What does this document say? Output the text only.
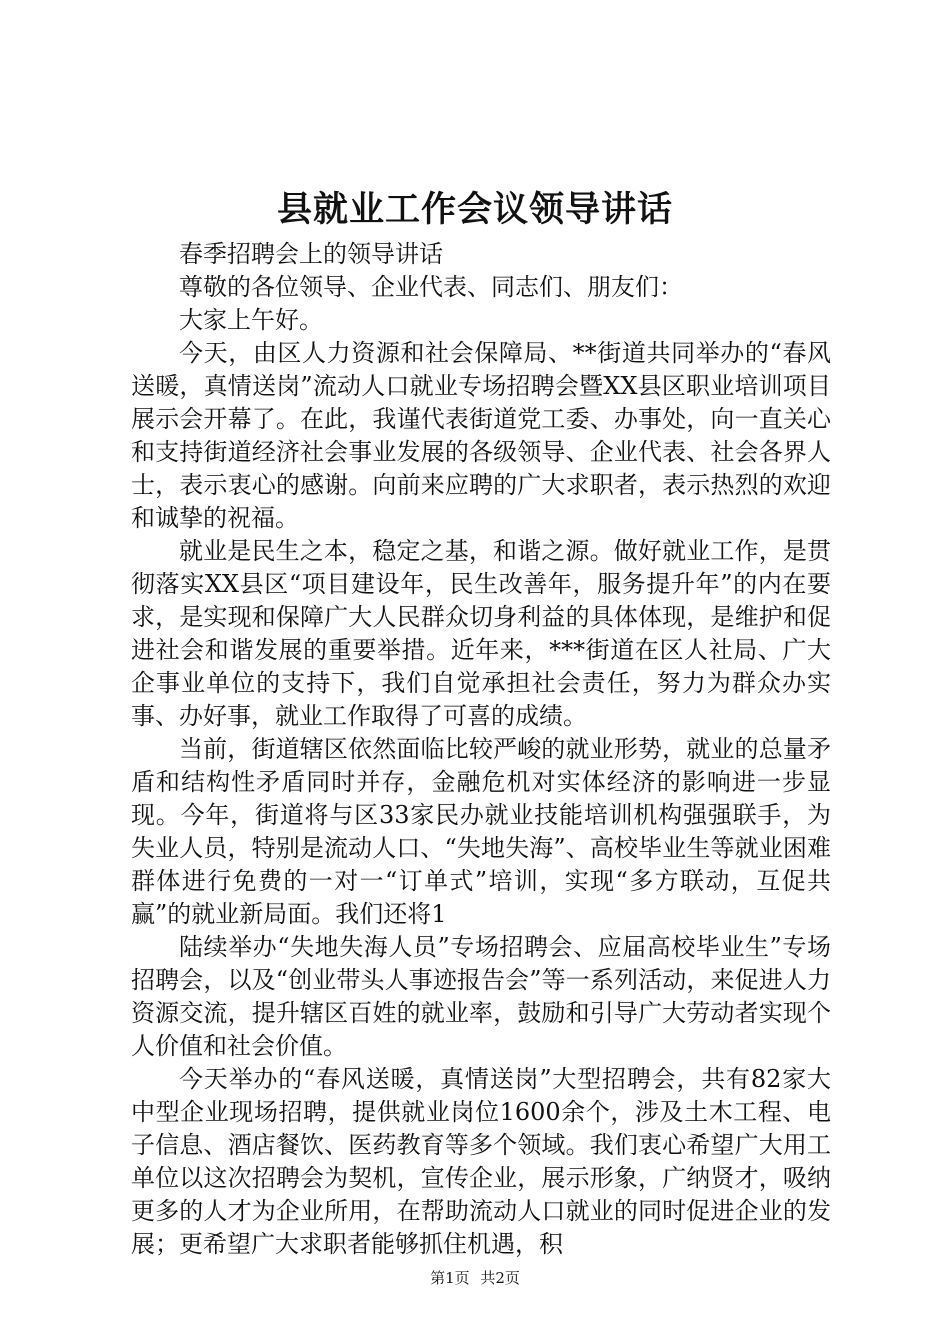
县就业工作会议领导讲话

春季招聘会上的领导讲话

尊敬的各位领导、企业代表、同志们、朋友们：

大家上午好。

今天，由区人力资源和社会保障局、**街道共同举办的“春风送暖，真情送岗”流动人口就业专场招聘会暨XX县区职业培训项目展示会开幕了。在此，我谨代表街道党工委、办事处，向一直关心和支持街道经济社会事业发展的各级领导、企业代表、社会各界人士，表示衷心的感谢。向前来应聘的广大求职者，表示热烈的欢迎和诚挚的祝福。

就业是民生之本，稳定之基，和谐之源。做好就业工作，是贯彻落实XX县区“项目建设年，民生改善年，服务提升年”的内在要求，是实现和保障广大人民群众切身利益的具体体现，是维护和促进社会和谐发展的重要举措。近年来，***街道在区人社局、广大企事业单位的支持下，我们自觉承担社会责任，努力为群众办实事、办好事，就业工作取得了可喜的成绩。

当前，街道辖区依然面临比较严峻的就业形势，就业的总量矛盾和结构性矛盾同时并存，金融危机对实体经济的影响进一步显现。今年，街道将与区33家民办就业技能培训机构强强联手，为失业人员，特别是流动人口、“失地失海”、高校毕业生等就业困难群体进行免费的一对一“订单式”培训，实现“多方联动，互促共赢”的就业新局面。我们还将1

陆续举办“失地失海人员”专场招聘会、应届高校毕业生”专场招聘会，以及“创业带头人事迹报告会”等一系列活动，来促进人力资源交流，提升辖区百姓的就业率，鼓励和引导广大劳动者实现个人价值和社会价值。

今天举办的“春风送暖，真情送岗”大型招聘会，共有82家大中型企业现场招聘，提供就业岗位1600余个，涉及土木工程、电子信息、酒店餐饮、医药教育等多个领域。我们衷心希望广大用工单位以这次招聘会为契机，宣传企业，展示形象，广纳贤才，吸纳更多的人才为企业所用，在帮助流动人口就业的同时促进企业的发展；更希望广大求职者能够抓住机遇，积

第1页 共2页
